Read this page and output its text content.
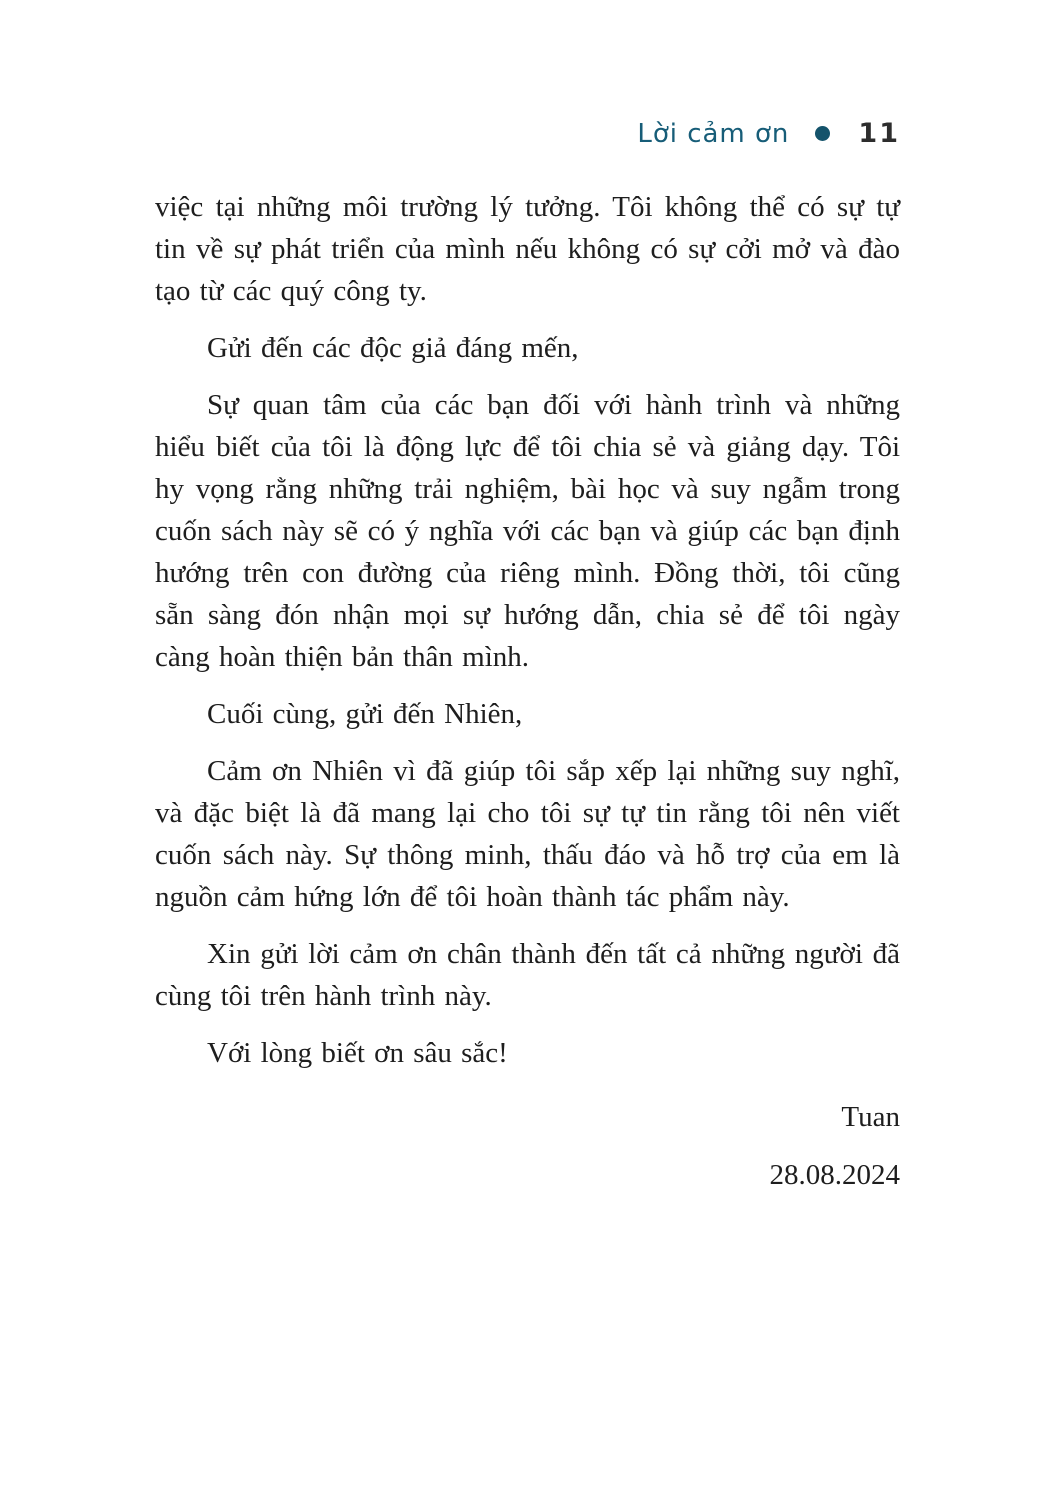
Lời cảm ơn	11

việc tại những môi trường lý tưởng. Tôi không thể có sự tự tin về sự phát triển của mình nếu không có sự cởi mở và đào tạo từ các quý công ty.

Gửi đến các độc giả đáng mến,

Sự quan tâm của các bạn đối với hành trình và những hiểu biết của tôi là động lực để tôi chia sẻ và giảng dạy. Tôi hy vọng rằng những trải nghiệm, bài học và suy ngẫm trong cuốn sách này sẽ có ý nghĩa với các bạn và giúp các bạn định hướng trên con đường của riêng mình. Đồng thời, tôi cũng sẵn sàng đón nhận mọi sự hướng dẫn, chia sẻ để tôi ngày càng hoàn thiện bản thân mình.

Cuối cùng, gửi đến Nhiên,

Cảm ơn Nhiên vì đã giúp tôi sắp xếp lại những suy nghĩ, và đặc biệt là đã mang lại cho tôi sự tự tin rằng tôi nên viết cuốn sách này. Sự thông minh, thấu đáo và hỗ trợ của em là nguồn cảm hứng lớn để tôi hoàn thành tác phẩm này.

Xin gửi lời cảm ơn chân thành đến tất cả những người đã cùng tôi trên hành trình này.

Với lòng biết ơn sâu sắc!

Tuan
28.08.2024
